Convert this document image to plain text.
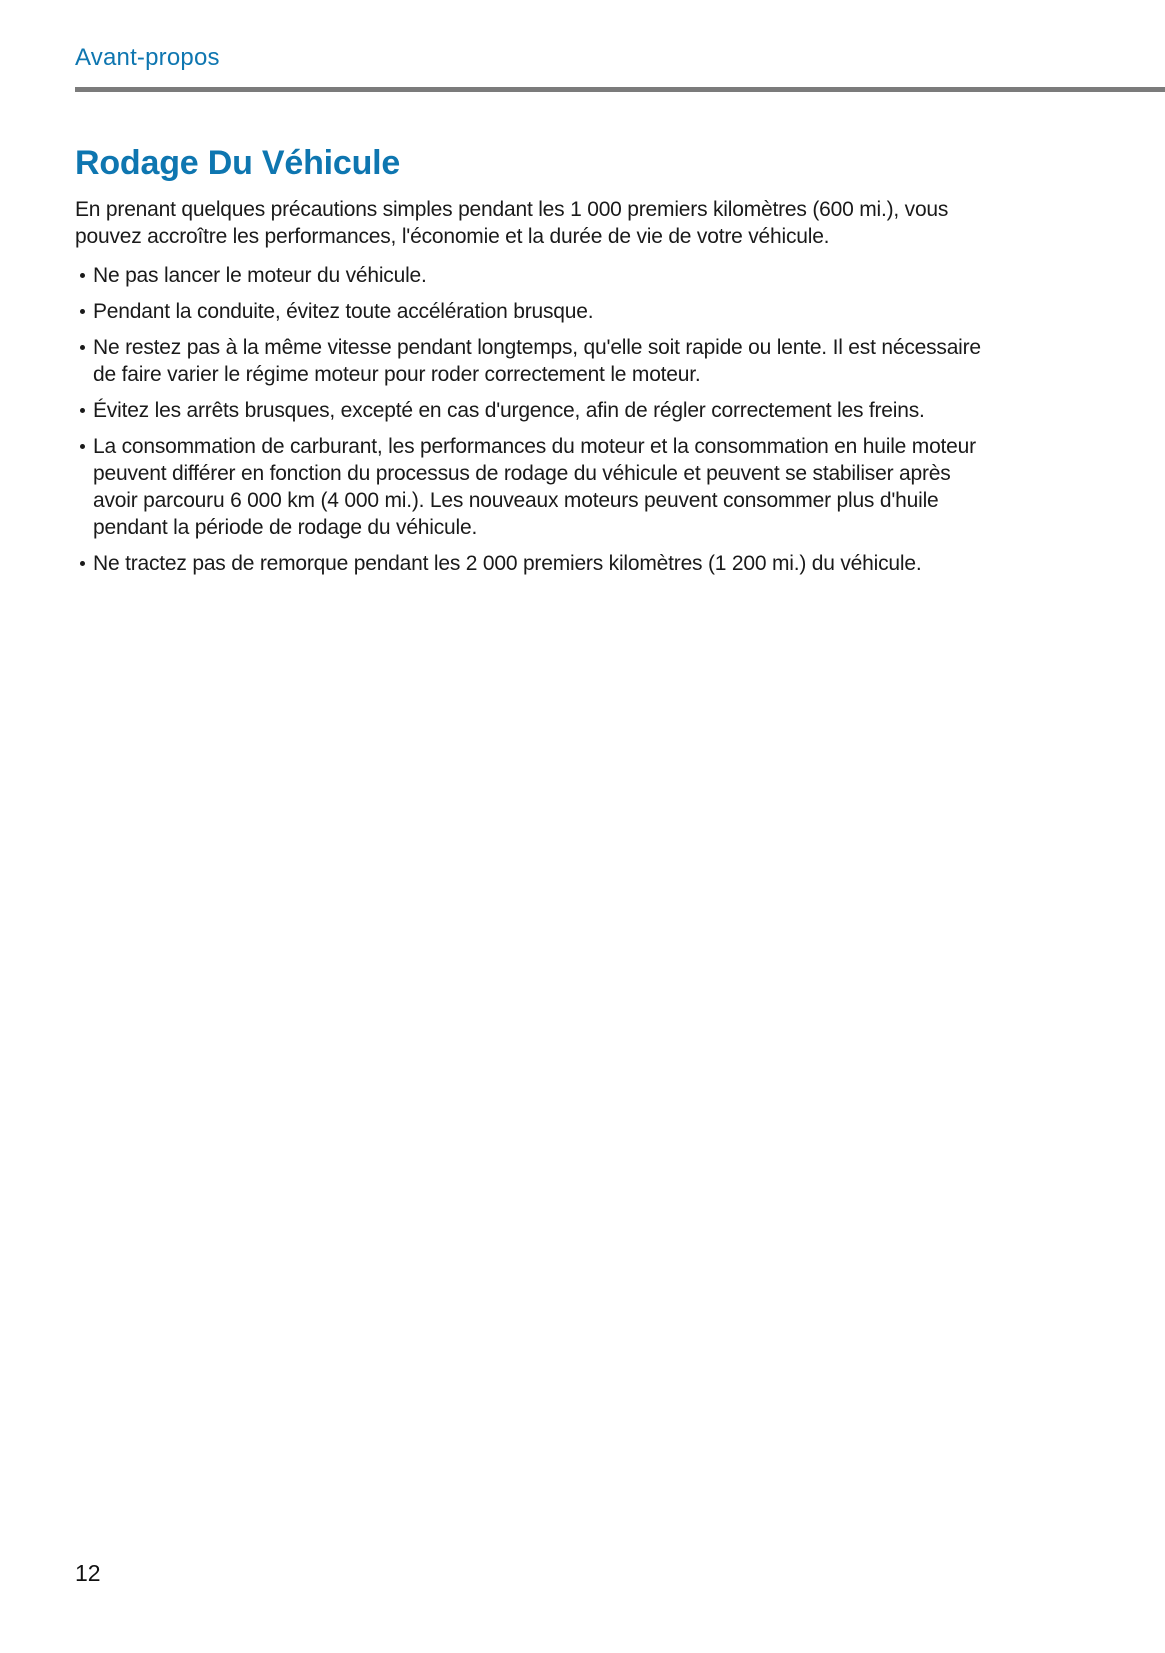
Avant-propos
Rodage Du Véhicule

En prenant quelques précautions simples pendant les 1 000 premiers kilomètres (600 mi.), vous pouvez accroître les performances, l'économie et la durée de vie de votre véhicule.

Ne pas lancer le moteur du véhicule.
Pendant la conduite, évitez toute accélération brusque.
Ne restez pas à la même vitesse pendant longtemps, qu'elle soit rapide ou lente. Il est nécessaire de faire varier le régime moteur pour roder correctement le moteur.
Évitez les arrêts brusques, excepté en cas d'urgence, afin de régler correctement les freins.
La consommation de carburant, les performances du moteur et la consommation en huile moteur peuvent différer en fonction du processus de rodage du véhicule et peuvent se stabiliser après avoir parcouru 6 000 km (4 000 mi.). Les nouveaux moteurs peuvent consommer plus d'huile pendant la période de rodage du véhicule.
Ne tractez pas de remorque pendant les 2 000 premiers kilomètres (1 200 mi.) du véhicule.
12
